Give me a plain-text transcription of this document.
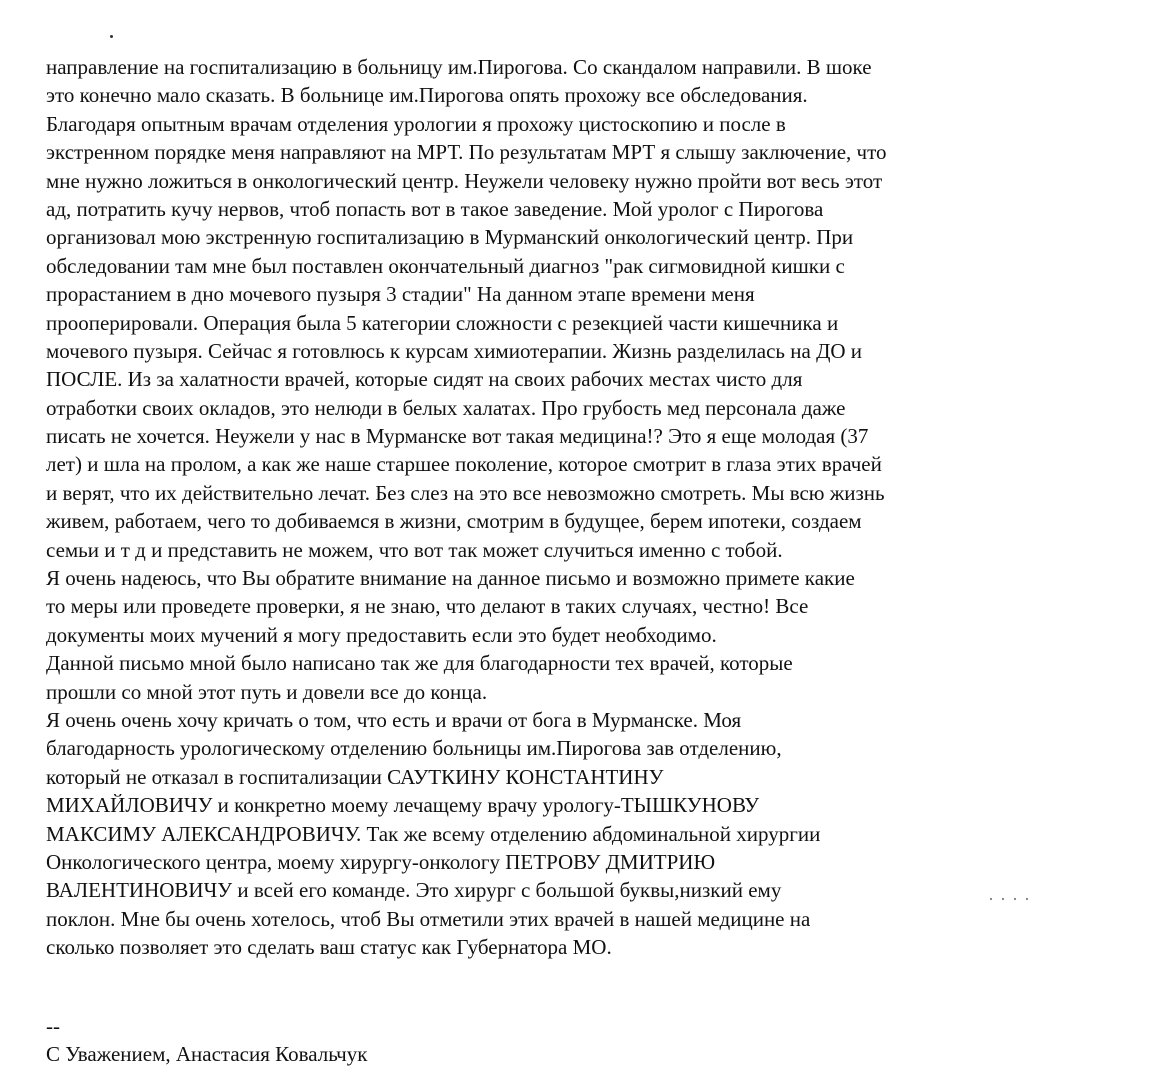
направление на госпитализацию в больницу им.Пирогова. Со скандалом направили. В шоке
это конечно мало сказать. В больнице им.Пирогова опять прохожу все обследования.
Благодаря опытным врачам отделения урологии я прохожу цистоскопию и после в
экстренном порядке меня направляют на МРТ. По результатам МРТ я слышу заключение, что
мне нужно ложиться в онкологический центр. Неужели человеку нужно пройти вот весь этот
ад, потратить кучу нервов, чтоб попасть вот в такое заведение. Мой уролог с Пирогова
организовал мою экстренную госпитализацию в Мурманский онкологический центр. При
обследовании там мне был поставлен окончательный диагноз "рак сигмовидной кишки с
прорастанием в дно мочевого пузыря 3 стадии" На данном этапе времени меня
прооперировали. Операция была 5 категории сложности с резекцией части кишечника и
мочевого пузыря. Сейчас я готовлюсь к курсам химиотерапии. Жизнь разделилась на ДО и
ПОСЛЕ. Из за халатности врачей, которые сидят на своих рабочих местах чисто для
отработки своих окладов, это нелюди в белых халатах. Про грубость мед персонала даже
писать не хочется. Неужели у нас в Мурманске вот такая медицина!? Это я еще молодая (37
лет) и шла на пролом, а как же наше старшее поколение, которое смотрит в глаза этих врачей
и верят, что их действительно лечат. Без слез на это все невозможно смотреть. Мы всю жизнь
живем, работаем, чего то добиваемся в жизни, смотрим в будущее, берем ипотеки, создаем
семьи и т д и представить не можем, что вот так может случиться именно с тобой.
Я очень надеюсь, что Вы обратите внимание на данное письмо и возможно примете какие
то меры или проведете проверки, я не знаю, что делают в таких случаях, честно! Все
документы моих мучений я могу предоставить если это будет необходимо.
Данной письмо мной было написано так же для благодарности тех врачей, которые
прошли со мной этот путь и довели все до конца.
Я очень очень хочу кричать о том, что есть и врачи от бога в Мурманске. Моя
благодарность урологическому отделению больницы им.Пирогова зав отделению,
который не отказал в госпитализации САУТКИНУ КОНСТАНТИНУ
МИХАЙЛОВИЧУ и конкретно моему лечащему врачу урологу-ТЫШКУНОВУ
МАКСИМУ АЛЕКСАНДРОВИЧУ. Так же всему отделению абдоминальной хирургии
Онкологического центра, моему хирургу-онкологу ПЕТРОВУ ДМИТРИЮ
ВАЛЕНТИНОВИЧУ и всей его команде. Это хирург с большой буквы,низкий ему
поклон. Мне бы очень хотелось, чтоб Вы отметили этих врачей в нашей медицине на
сколько позволяет это сделать ваш статус как Губернатора МО.
--
С Уважением, Анастасия Ковальчук
